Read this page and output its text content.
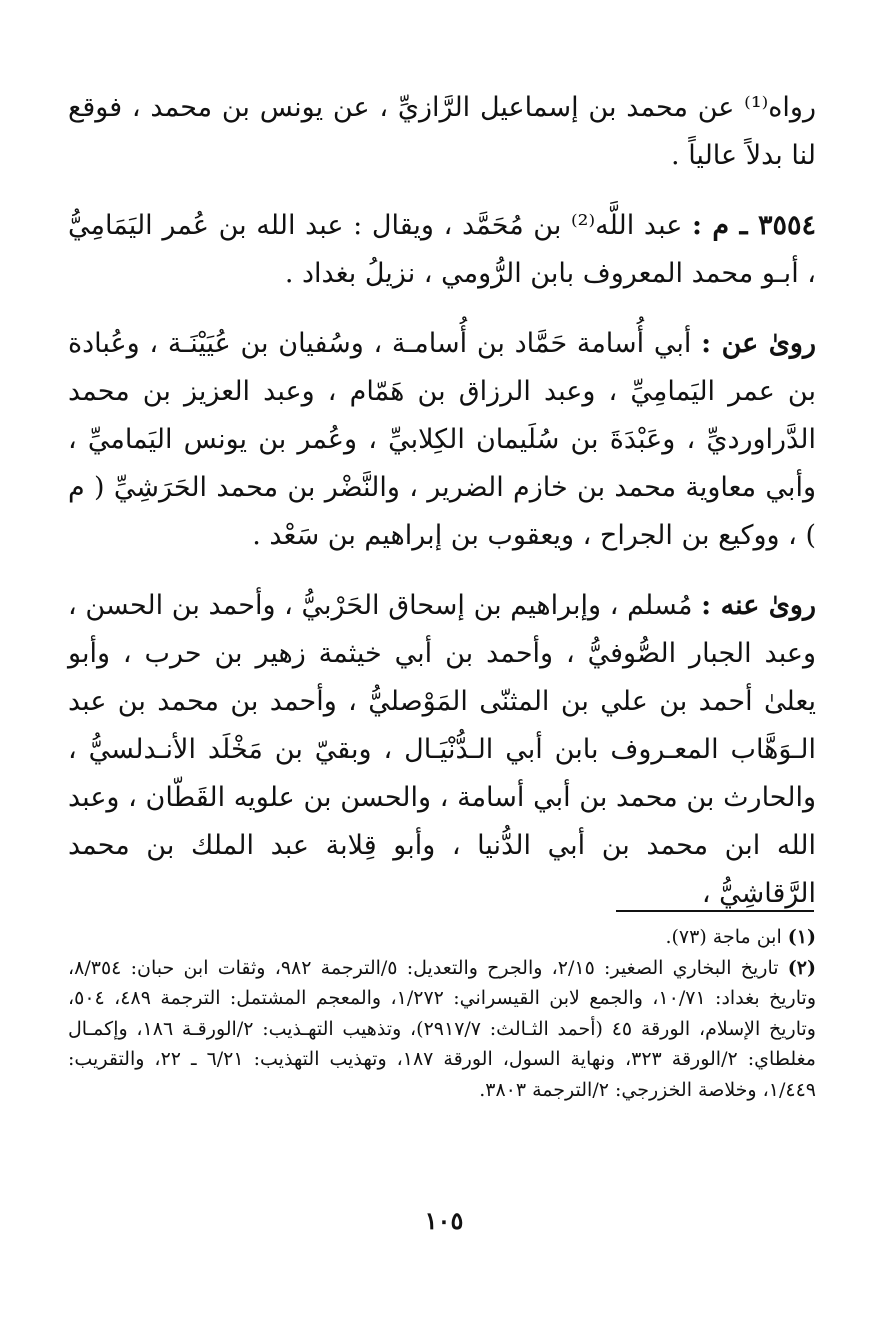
رواه⁽¹⁾ عن محمد بن إسماعيل الرَّازيِّ ، عن يونس بن محمد ، فوقع لنا بدلاً عالياً .

٣٥٥٤ ـ م : عبد اللَّه⁽²⁾ بن مُحَمَّد ، ويقال : عبد الله بن عُمر اليَمَامِيُّ ، أبـو محمد المعروف بابن الرُّومي ، نزيلُ بغداد .

روىٰ عن : أبي أُسامة حَمَّاد بن أُسامـة ، وسُفيان بن عُيَيْنَـة ، وعُبادة بن عمر اليَمامِيِّ ، وعبد الرزاق بن هَمّام ، وعبد العزيز بن محمد الدَّراورديِّ ، وعَبْدَةَ بن سُلَيمان الكِلابيِّ ، وعُمر بن يونس اليَماميِّ ، وأبي معاوية محمد بن خازم الضرير ، والنَّضْر بن محمد الحَرَشِيِّ ( م ) ، ووكيع بن الجراح ، ويعقوب بن إبراهيم بن سَعْد .

روىٰ عنه : مُسلم ، وإبراهيم بن إسحاق الحَرْبيُّ ، وأحمد بن الحسن ، وعبد الجبار الصُّوفيُّ ، وأحمد بن أبي خيثمة زهير بن حرب ، وأبو يعلىٰ أحمد بن علي بن المثنّى المَوْصليُّ ، وأحمد بن محمد بن عبد الـوَهَّاب المعـروف بابن أبي الـدُّنْيَـال ، وبقيّ بن مَخْلَد الأنـدلسيُّ ، والحارث بن محمد بن أبي أسامة ، والحسن بن علويه القَطّان ، وعبد الله ابن محمد بن أبي الدُّنيا ، وأبو قِلابة عبد الملك بن محمد الرَّقاشِيُّ ،

(١) ابن ماجة (٧٣).

(٢) تاريخ البخاري الصغير: ٢/١٥، والجرح والتعديل: ٥/الترجمة ٩٨٢، وثقات ابن حبان: ٨/٣٥٤، وتاريخ بغداد: ١٠/٧١، والجمع لابن القيسراني: ١/٢٧٢، والمعجم المشتمل: الترجمة ٤٨٩، ٥٠٤، وتاريخ الإسلام، الورقة ٤٥ (أحمد الثـالث: ٢٩١٧/٧)، وتذهيب التهـذيب: ٢/الورقـة ١٨٦، وإكمـال مغلطاي: ٢/الورقة ٣٢٣، ونهاية السول، الورقة ١٨٧، وتهذيب التهذيب: ٦/٢١ ـ ٢٢، والتقريب: ١/٤٤٩، وخلاصة الخزرجي: ٢/الترجمة ٣٨٠٣.

١٠٥
